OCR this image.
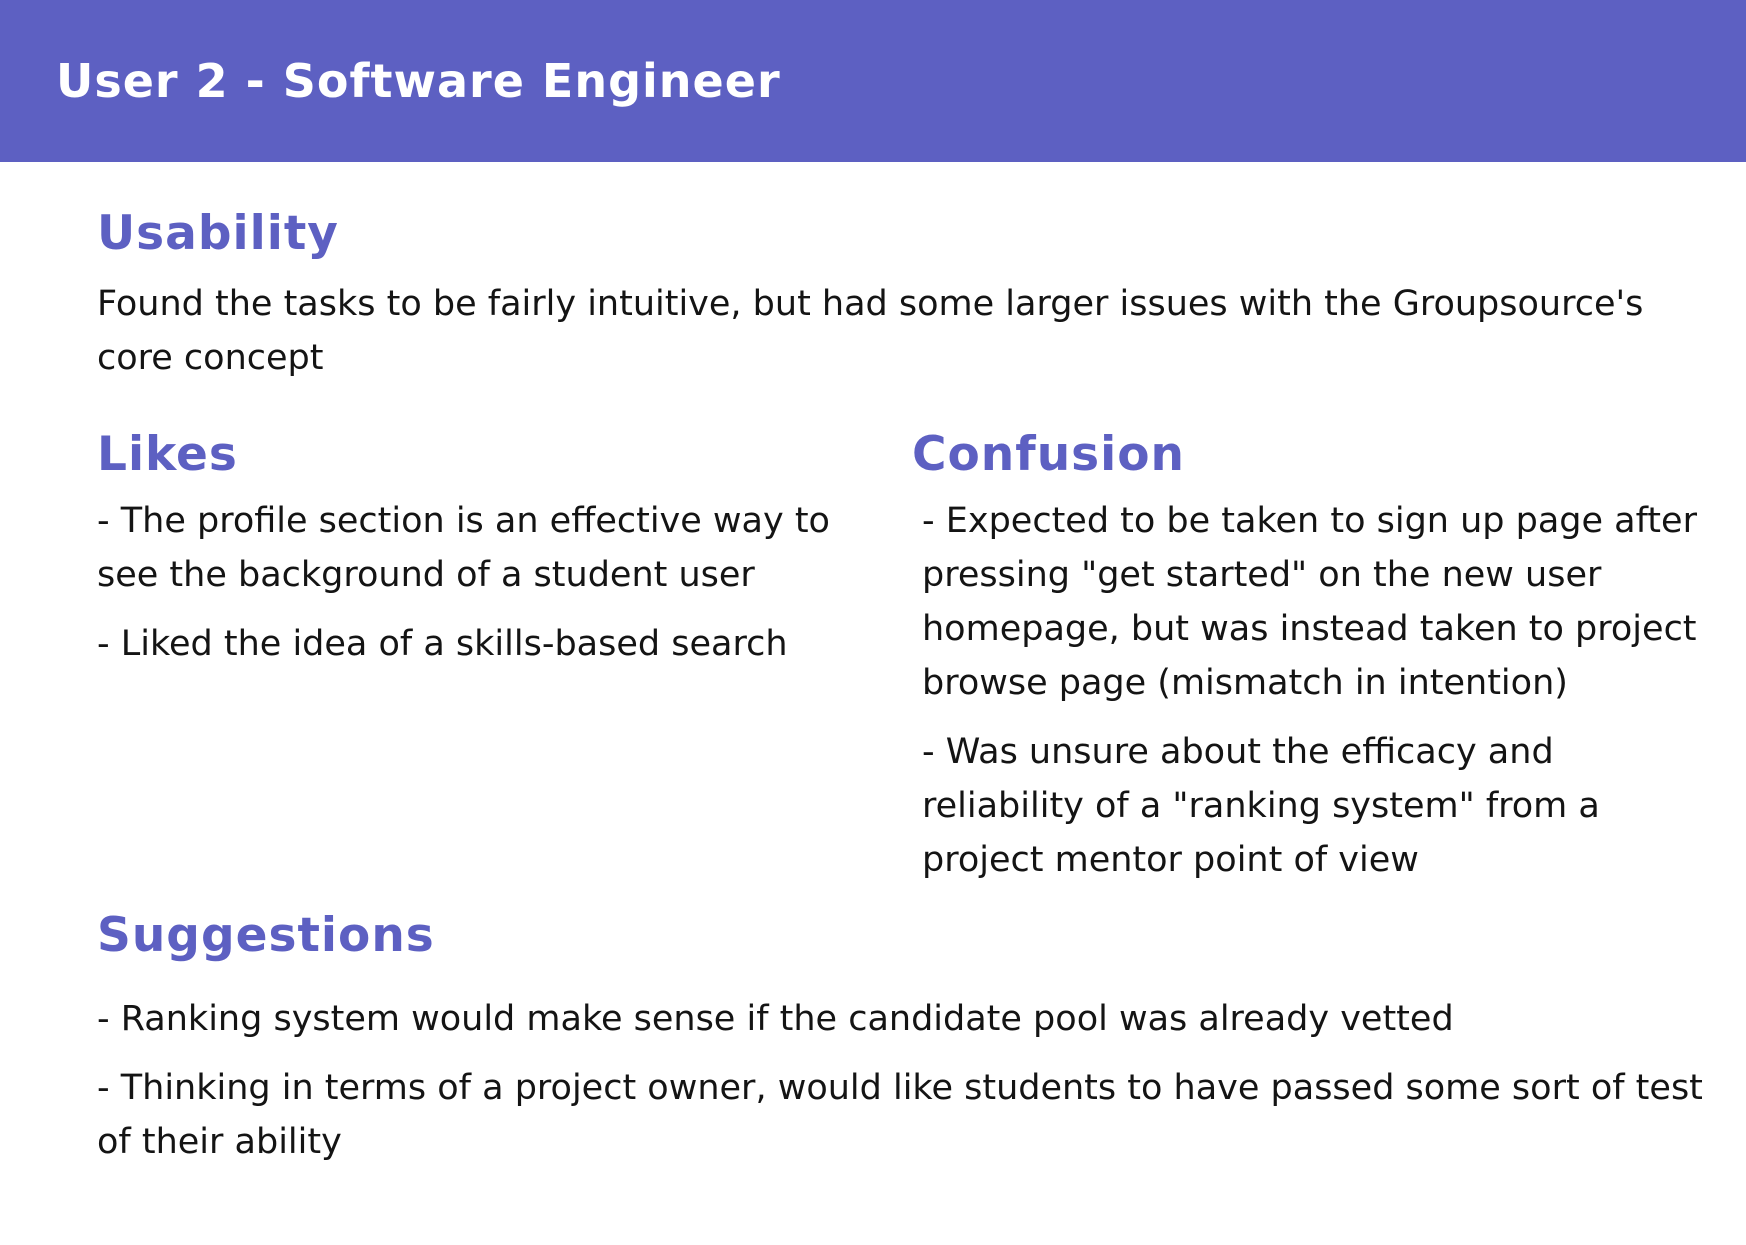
User 2 - Software Engineer
Usability

Found the tasks to be fairly intuitive, but had some larger issues with the Groupsource's core concept

Likes
- The profile section is an effective way to see the background of a student user
- Liked the idea of a skills-based search
Confusion
- Expected to be taken to sign up page after pressing "get started" on the new user homepage, but was instead taken to project browse page (mismatch in intention)
- Was unsure about the efficacy and reliability of a "ranking system" from a project mentor point of view
Suggestions
- Ranking system would make sense if the candidate pool was already vetted
- Thinking in terms of a project owner, would like students to have passed some sort of test of their ability
